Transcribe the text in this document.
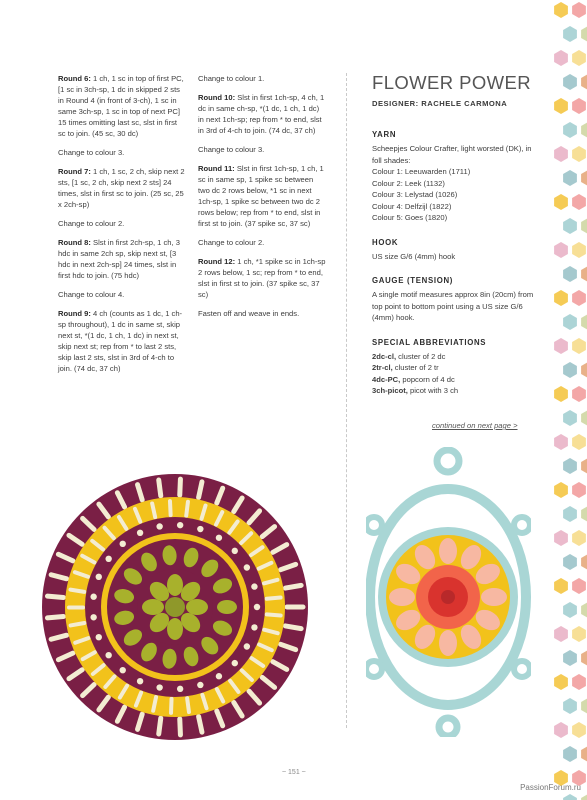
Round 6: 1 ch, 1 sc in top of first PC, [1 sc in 3ch-sp, 1 dc in skipped 2 sts in Round 4 (in front of 3-ch), 1 sc in same 3ch-sp, 1 sc in top of next PC] 15 times omitting last sc, slst in first sc to join. (45 sc, 30 dc)

Change to colour 3.

Round 7: 1 ch, 1 sc, 2 ch, skip next 2 sts, [1 sc, 2 ch, skip next 2 sts] 24 times, slst in first sc to join. (25 sc, 25 x 2ch-sp)

Change to colour 2.

Round 8: Slst in first 2ch-sp, 1 ch, 3 hdc in same 2ch sp, skip next st, [3 hdc in next 2ch-sp] 24 times, slst in first hdc to join. (75 hdc)

Change to colour 4.

Round 9: 4 ch (counts as 1 dc, 1 ch-sp throughout), 1 dc in same st, skip next st, *(1 dc, 1 ch, 1 dc) in next st, skip next st; rep from * to last 2 sts, skip last 2 sts, slst in 3rd of 4-ch to join. (74 dc, 37 ch)

Change to colour 1.

Round 10: Slst in first 1ch-sp, 4 ch, 1 dc in same ch-sp, *(1 dc, 1 ch, 1 dc) in next 1ch-sp; rep from * to end, slst in 3rd of 4-ch to join. (74 dc, 37 ch)

Change to colour 3.

Round 11: Slst in first 1ch-sp, 1 ch, 1 sc in same sp, 1 spike sc between two dc 2 rows below, *1 sc in next 1ch-sp, 1 spike sc between two dc 2 rows below; rep from * to end, slst in first st to join. (37 spike sc, 37 sc)

Change to colour 2.

Round 12: 1 ch, *1 spike sc in 1ch-sp 2 rows below, 1 sc; rep from * to end, slst in first st to join. (37 spike sc, 37 sc)

Fasten off and weave in ends.

FLOWER POWER
DESIGNER: RACHELE CARMONA
YARN
Scheepjes Colour Crafter, light worsted (DK), in foll shades:
Colour 1: Leeuwarden (1711)
Colour 2: Leek (1132)
Colour 3: Lelystad (1026)
Colour 4: Delfzijl (1822)
Colour 5: Goes (1820)
HOOK
US size G/6 (4mm) hook
GAUGE (TENSION)
A single motif measures approx 8in (20cm) from top point to bottom point using a US size G/6 (4mm) hook.
SPECIAL ABBREVIATIONS
2dc-cl, cluster of 2 dc
2tr-cl, cluster of 2 tr
4dc-PC, popcorn of 4 dc
3ch-picot, picot with 3 ch
continued on next page >
~ 151 ~
PassionForum.ru
